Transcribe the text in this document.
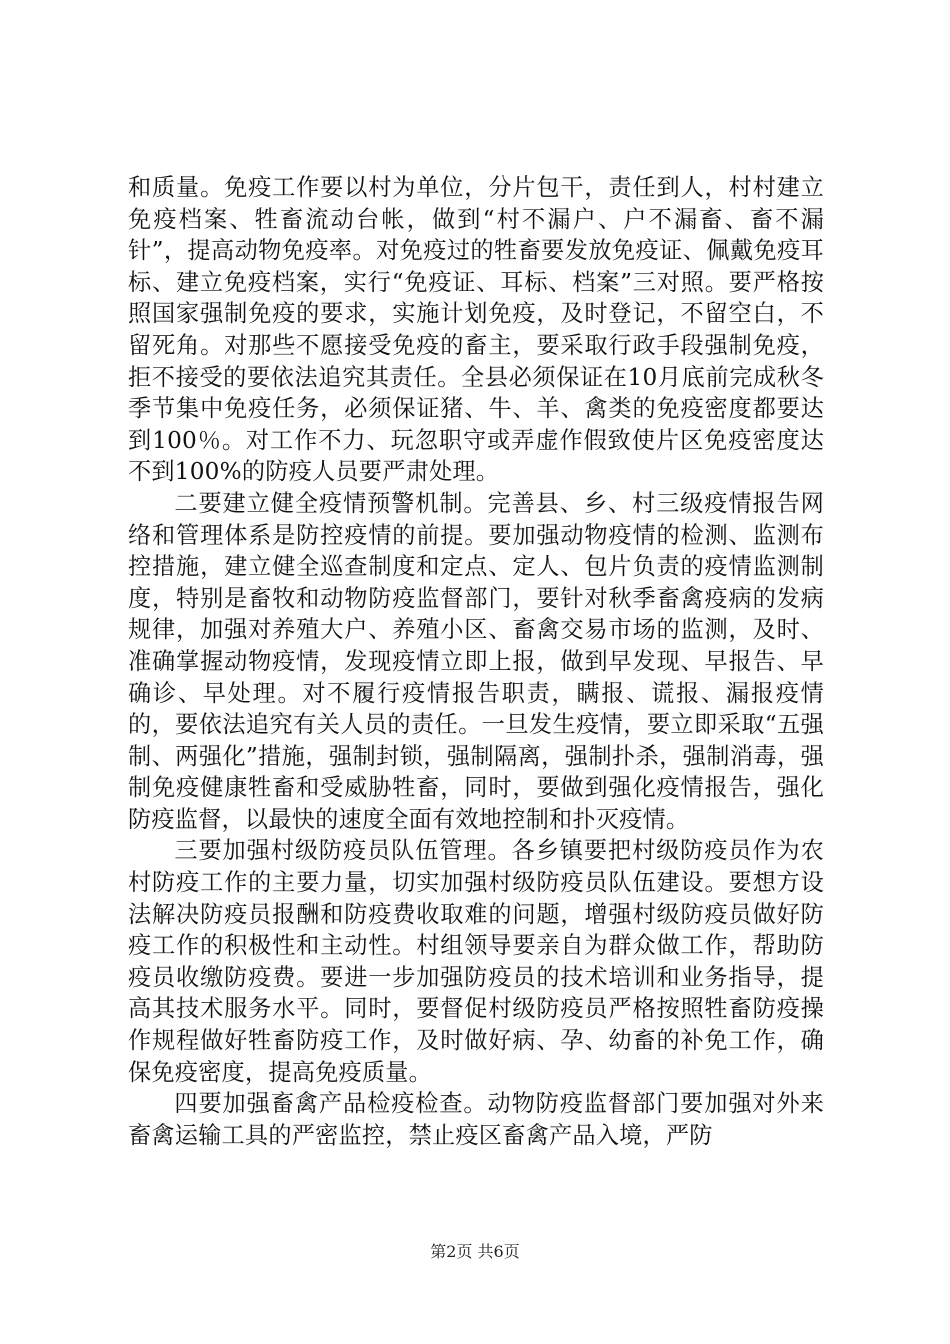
和质量。免疫工作要以村为单位，分片包干，责任到人，村村建立免疫档案、牲畜流动台帐，做到“村不漏户、户不漏畜、畜不漏针”，提高动物免疫率。对免疫过的牲畜要发放免疫证、佩戴免疫耳标、建立免疫档案，实行“免疫证、耳标、档案”三对照。要严格按照国家强制免疫的要求，实施计划免疫，及时登记，不留空白，不留死角。对那些不愿接受免疫的畜主，要采取行政手段强制免疫，拒不接受的要依法追究其责任。全县必须保证在10月底前完成秋冬季节集中免疫任务，必须保证猪、牛、羊、禽类的免疫密度都要达到100％。对工作不力、玩忽职守或弄虚作假致使片区免疫密度达不到100%的防疫人员要严肃处理。

二要建立健全疫情预警机制。完善县、乡、村三级疫情报告网络和管理体系是防控疫情的前提。要加强动物疫情的检测、监测布控措施，建立健全巡查制度和定点、定人、包片负责的疫情监测制度，特别是畜牧和动物防疫监督部门，要针对秋季畜禽疫病的发病规律，加强对养殖大户、养殖小区、畜禽交易市场的监测，及时、准确掌握动物疫情，发现疫情立即上报，做到早发现、早报告、早确诊、早处理。对不履行疫情报告职责，瞒报、谎报、漏报疫情的，要依法追究有关人员的责任。一旦发生疫情，要立即采取“五强制、两强化”措施，强制封锁，强制隔离，强制扑杀，强制消毒，强制免疫健康牲畜和受威胁牲畜，同时，要做到强化疫情报告，强化防疫监督，以最快的速度全面有效地控制和扑灭疫情。

三要加强村级防疫员队伍管理。各乡镇要把村级防疫员作为农村防疫工作的主要力量，切实加强村级防疫员队伍建设。要想方设法解决防疫员报酬和防疫费收取难的问题，增强村级防疫员做好防疫工作的积极性和主动性。村组领导要亲自为群众做工作，帮助防疫员收缴防疫费。要进一步加强防疫员的技术培训和业务指导，提高其技术服务水平。同时，要督促村级防疫员严格按照牲畜防疫操作规程做好牲畜防疫工作，及时做好病、孕、幼畜的补免工作，确保免疫密度，提高免疫质量。

四要加强畜禽产品检疫检查。动物防疫监督部门要加强对外来畜禽运输工具的严密监控，禁止疫区畜禽产品入境，严防

第2页 共6页
